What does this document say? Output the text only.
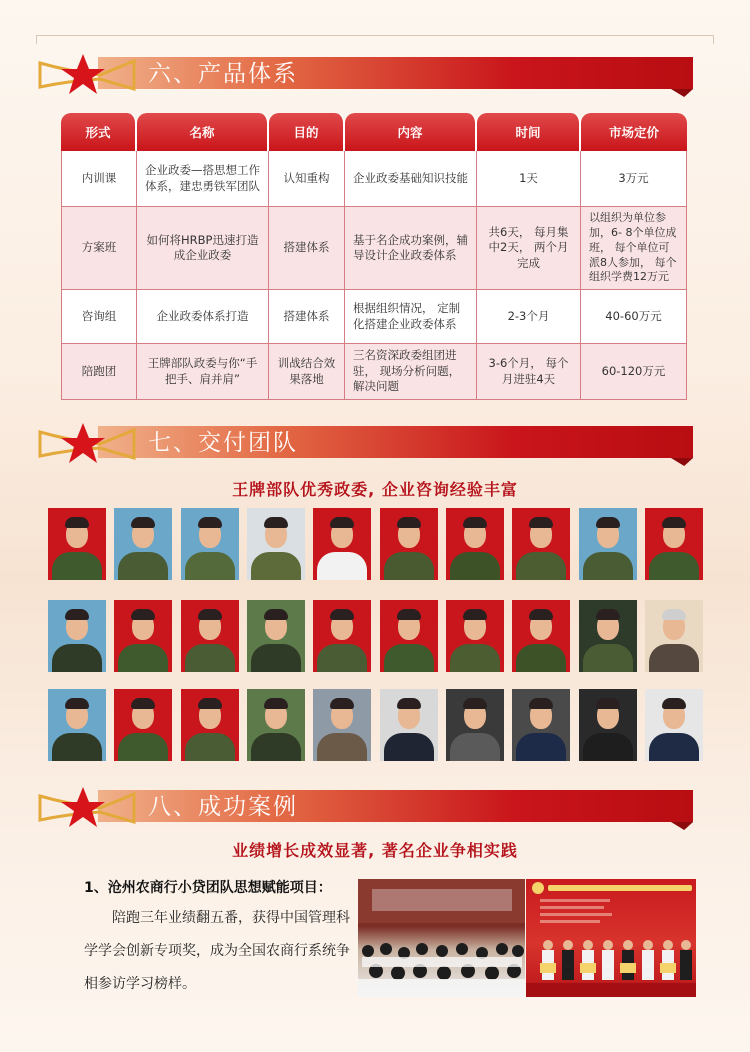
六、产品体系
形式	名称	目的	内容	时间	市场定价
内训课	企业政委—搭思想工作体系，建忠勇铁军团队	认知重构	企业政委基础知识技能	1天	3万元
方案班	如何将HRBP迅速打造成企业政委	搭建体系	基于名企成功案例，辅导设计企业政委体系	共6天， 每月集中2天， 两个月完成	以组织为单位参加，6- 8个单位成班， 每个单位可派8人参加， 每个组织学费12万元
咨询组	企业政委体系打造	搭建体系	根据组织情况， 定制化搭建企业政委体系	2-3个月	40-60万元
陪跑团	王牌部队政委与你“手把手、肩并肩”	训战结合效果落地	三名资深政委组团进驻， 现场分析问题， 解决问题	3-6个月， 每个月进驻4天	60-120万元
七、交付团队
王牌部队优秀政委, 企业咨询经验丰富
八、成功案例
业绩增长成效显著, 著名企业争相实践
1、沧州农商行小贷团队思想赋能项目：
陪跑三年业绩翻五番，获得中国管理科学学会创新专项奖，成为全国农商行系统争相参访学习榜样。
